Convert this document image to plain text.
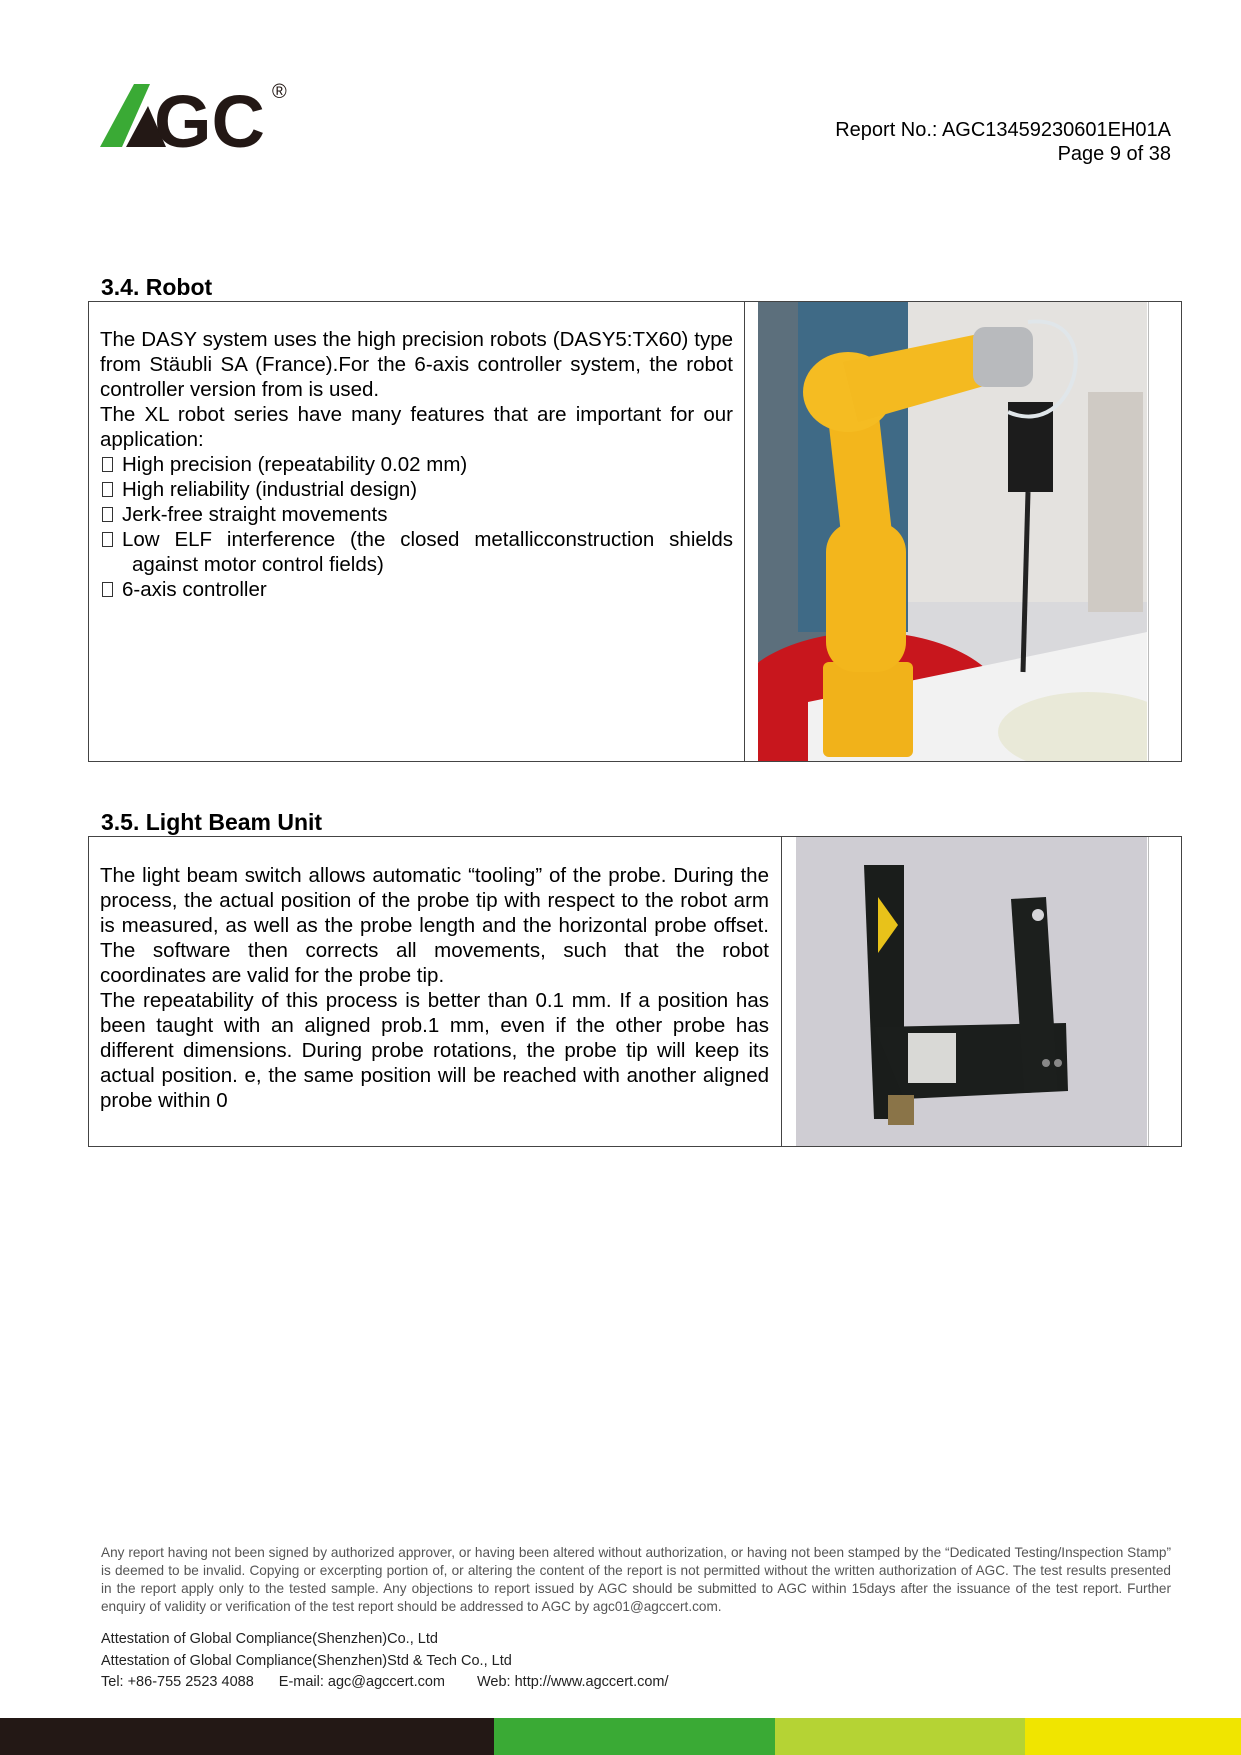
GC ®
Report No.: AGC13459230601EH01A
Page 9 of 38
3.4. Robot

The DASY system uses the high precision robots (DASY5:TX60) type from Stäubli SA (France).For the 6-axis controller system, the robot controller version from is used.

The XL robot series have many features that are important for our application:

High precision (repeatability 0.02 mm)
High reliability (industrial design)
Jerk-free straight movements
Low ELF interference (the closed metallicconstruction shields
against motor control fields)
6-axis controller
3.5. Light Beam Unit

The light beam switch allows automatic “tooling” of the probe. During the process, the actual position of the probe tip with respect to the robot arm is measured, as well as the probe length and the horizontal probe offset. The software then corrects all movements, such that the robot coordinates are valid for the probe tip.

The repeatability of this process is better than 0.1 mm. If a position has been taught with an aligned prob.1 mm, even if the other probe has different dimensions. During probe rotations, the probe tip will keep its actual position. e, the same position will be reached with another aligned probe within 0

Any report having not been signed by authorized approver, or having been altered without authorization, or having not been stamped by the “Dedicated Testing/Inspection Stamp” is deemed to be invalid. Copying or excerpting portion of, or altering the content of the report is not permitted without the written authorization of AGC. The test results presented in the report apply only to the tested sample. Any objections to report issued by AGC should be submitted to AGC within 15days after the issuance of the test report. Further enquiry of validity or verification of the test report should be addressed to AGC by agc01@agccert.com.
Attestation of Global Compliance(Shenzhen)Co., Ltd
Attestation of Global Compliance(Shenzhen)Std & Tech Co., Ltd
Tel: +86-755 2523 4088 E-mail: agc@agccert.com Web: http://www.agccert.com/
